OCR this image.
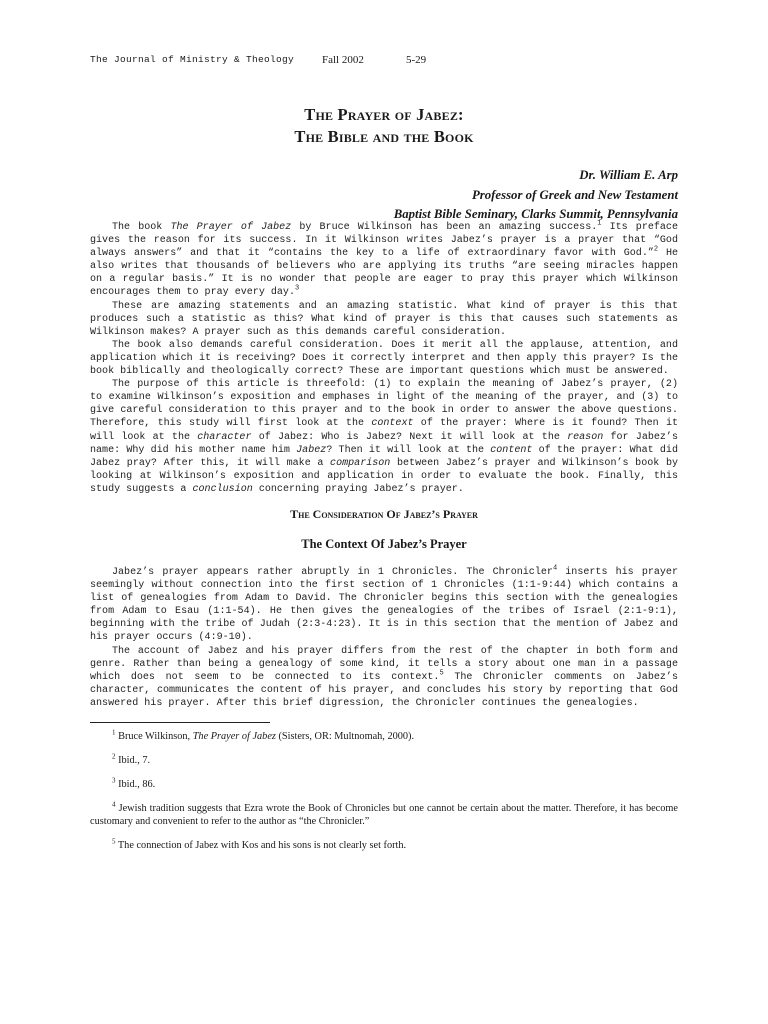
The Journal of Ministry & Theology	Fall 2002	5-29
The Prayer of Jabez:
The Bible and the Book
Dr. William E. Arp
Professor of Greek and New Testament
Baptist Bible Seminary, Clarks Summit, Pennsylvania

The book The Prayer of Jabez by Bruce Wilkinson has been an amazing success.$^1$ Its preface gives the reason for its success. In it Wilkinson writes Jabez’s prayer is a prayer that “God always answers” and that it “contains the key to a life of extraordinary favor with God.”$^2$ He also writes that thousands of believers who are applying its truths “are seeing miracles happen on a regular basis.” It is no wonder that people are eager to pray this prayer which Wilkinson encourages them to pray every day.$^3$

These are amazing statements and an amazing statistic. What kind of prayer is this that produces such a statistic as this? What kind of prayer is this that causes such statements as Wilkinson makes? A prayer such as this demands careful consideration.

The book also demands careful consideration. Does it merit all the applause, attention, and application which it is receiving? Does it correctly interpret and then apply this prayer? Is the book biblically and theologically correct? These are important questions which must be answered.

The purpose of this article is threefold: (1) to explain the meaning of Jabez’s prayer, (2) to examine Wilkinson’s exposition and emphases in light of the meaning of the prayer, and (3) to give careful consideration to this prayer and to the book in order to answer the above questions. Therefore, this study will first look at the context of the prayer: Where is it found? Then it will look at the character of Jabez: Who is Jabez? Next it will look at the reason for Jabez’s name: Why did his mother name him Jabez? Then it will look at the content of the prayer: What did Jabez pray? After this, it will make a comparison between Jabez’s prayer and Wilkinson’s book by looking at Wilkinson’s exposition and application in order to evaluate the book. Finally, this study suggests a conclusion concerning praying Jabez’s prayer.

The Consideration Of Jabez’s Prayer
The Context Of Jabez’s Prayer

Jabez’s prayer appears rather abruptly in 1 Chronicles. The Chronicler$^4$ inserts his prayer seemingly without connection into the first section of 1 Chronicles (1:1-9:44) which contains a list of genealogies from Adam to David. The Chronicler begins this section with the genealogies from Adam to Esau (1:1-54). He then gives the genealogies of the tribes of Israel (2:1-9:1), beginning with the tribe of Judah (2:3-4:23). It is in this section that the mention of Jabez and his prayer occurs (4:9-10).

The account of Jabez and his prayer differs from the rest of the chapter in both form and genre. Rather than being a genealogy of some kind, it tells a story about one man in a passage which does not seem to be connected to its context.$^5$ The Chronicler comments on Jabez’s character, communicates the content of his prayer, and concludes his story by reporting that God answered his prayer. After this brief digression, the Chronicler continues the genealogies.

$^1$ Bruce Wilkinson, The Prayer of Jabez (Sisters, OR: Multnomah, 2000).

$^2$ Ibid., 7.

$^3$ Ibid., 86.

$^4$ Jewish tradition suggests that Ezra wrote the Book of Chronicles but one cannot be certain about the matter. Therefore, it has become customary and convenient to refer to the author as “the Chronicler.”

$^5$ The connection of Jabez with Kos and his sons is not clearly set forth.
